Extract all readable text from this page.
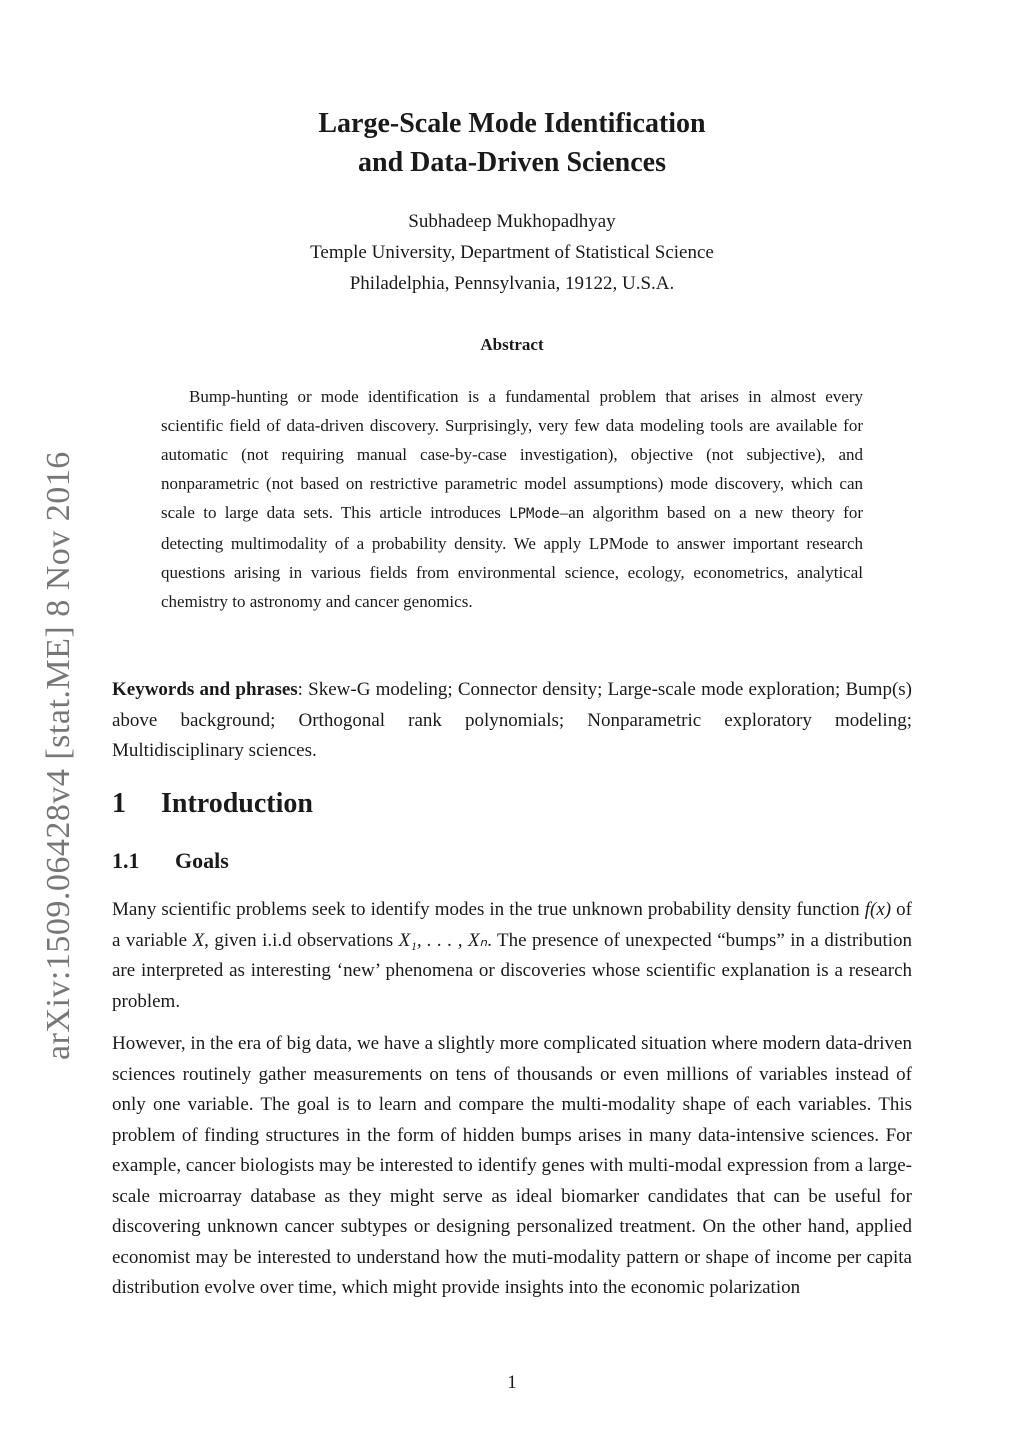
arXiv:1509.06428v4 [stat.ME] 8 Nov 2016
Large-Scale Mode Identification
and Data-Driven Sciences
Subhadeep Mukhopadhyay
Temple University, Department of Statistical Science
Philadelphia, Pennsylvania, 19122, U.S.A.
Abstract

Bump-hunting or mode identification is a fundamental problem that arises in almost every scientific field of data-driven discovery. Surprisingly, very few data modeling tools are available for automatic (not requiring manual case-by-case investigation), objective (not subjective), and nonparametric (not based on restrictive parametric model assumptions) mode discovery, which can scale to large data sets. This article introduces LPMode–an algorithm based on a new theory for detecting multimodality of a probability density. We apply LPMode to answer important research questions arising in various fields from environmental science, ecology, econometrics, analytical chemistry to astronomy and cancer genomics.

Keywords and phrases: Skew-G modeling; Connector density; Large-scale mode exploration; Bump(s) above background; Orthogonal rank polynomials; Nonparametric exploratory modeling; Multidisciplinary sciences.
1 Introduction
1.1 Goals

Many scientific problems seek to identify modes in the true unknown probability density function f(x) of a variable X, given i.i.d observations X₁, . . . , Xₙ. The presence of unexpected “bumps” in a distribution are interpreted as interesting ‘new’ phenomena or discoveries whose scientific explanation is a research problem.

However, in the era of big data, we have a slightly more complicated situation where modern data-driven sciences routinely gather measurements on tens of thousands or even millions of variables instead of only one variable. The goal is to learn and compare the multi-modality shape of each variables. This problem of finding structures in the form of hidden bumps arises in many data-intensive sciences. For example, cancer biologists may be interested to identify genes with multi-modal expression from a large-scale microarray database as they might serve as ideal biomarker candidates that can be useful for discovering unknown cancer subtypes or designing personalized treatment. On the other hand, applied economist may be interested to understand how the muti-modality pattern or shape of income per capita distribution evolve over time, which might provide insights into the economic polarization

1
